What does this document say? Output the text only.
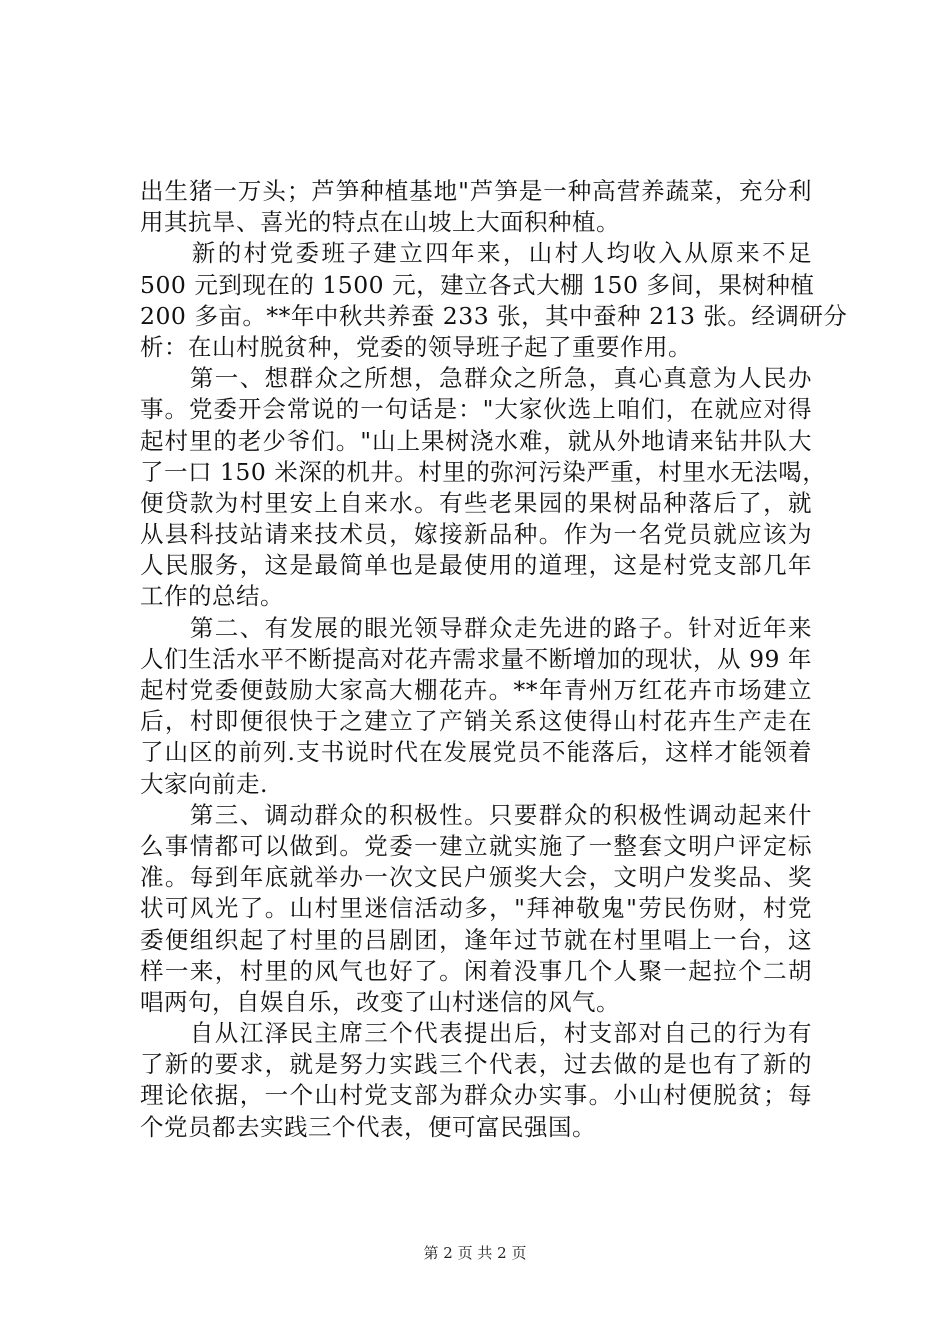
出生猪一万头；芦笋种植基地"芦笋是一种高营养蔬菜，充分利
用其抗旱、喜光的特点在山坡上大面积种植。
　　新的村党委班子建立四年来，山村人均收入从原来不足
500 元到现在的 1500 元，建立各式大棚 150 多间，果树种植
200 多亩。**年中秋共养蚕 233 张，其中蚕种 213 张。经调研分
析：在山村脱贫种，党委的领导班子起了重要作用。
　　第一、想群众之所想，急群众之所急，真心真意为人民办
事。党委开会常说的一句话是："大家伙选上咱们，在就应对得
起村里的老少爷们。"山上果树浇水难，就从外地请来钻井队大
了一口 150 米深的机井。村里的弥河污染严重，村里水无法喝，
便贷款为村里安上自来水。有些老果园的果树品种落后了，就
从县科技站请来技术员，嫁接新品种。作为一名党员就应该为
人民服务，这是最简单也是最使用的道理，这是村党支部几年
工作的总结。
　　第二、有发展的眼光领导群众走先进的路子。针对近年来
人们生活水平不断提高对花卉需求量不断增加的现状，从 99 年
起村党委便鼓励大家高大棚花卉。**年青州万红花卉市场建立
后，村即便很快于之建立了产销关系这使得山村花卉生产走在
了山区的前列.支书说时代在发展党员不能落后，这样才能领着
大家向前走.
　　第三、调动群众的积极性。只要群众的积极性调动起来什
么事情都可以做到。党委一建立就实施了一整套文明户评定标
准。每到年底就举办一次文民户颁奖大会，文明户发奖品、奖
状可风光了。山村里迷信活动多，"拜神敬鬼"劳民伤财，村党
委便组织起了村里的吕剧团，逢年过节就在村里唱上一台，这
样一来，村里的风气也好了。闲着没事几个人聚一起拉个二胡
唱两句，自娱自乐，改变了山村迷信的风气。
　　自从江泽民主席三个代表提出后，村支部对自己的行为有
了新的要求，就是努力实践三个代表，过去做的是也有了新的
理论依据，一个山村党支部为群众办实事。小山村便脱贫；每
个党员都去实践三个代表，便可富民强国。
第 2 页 共 2 页
